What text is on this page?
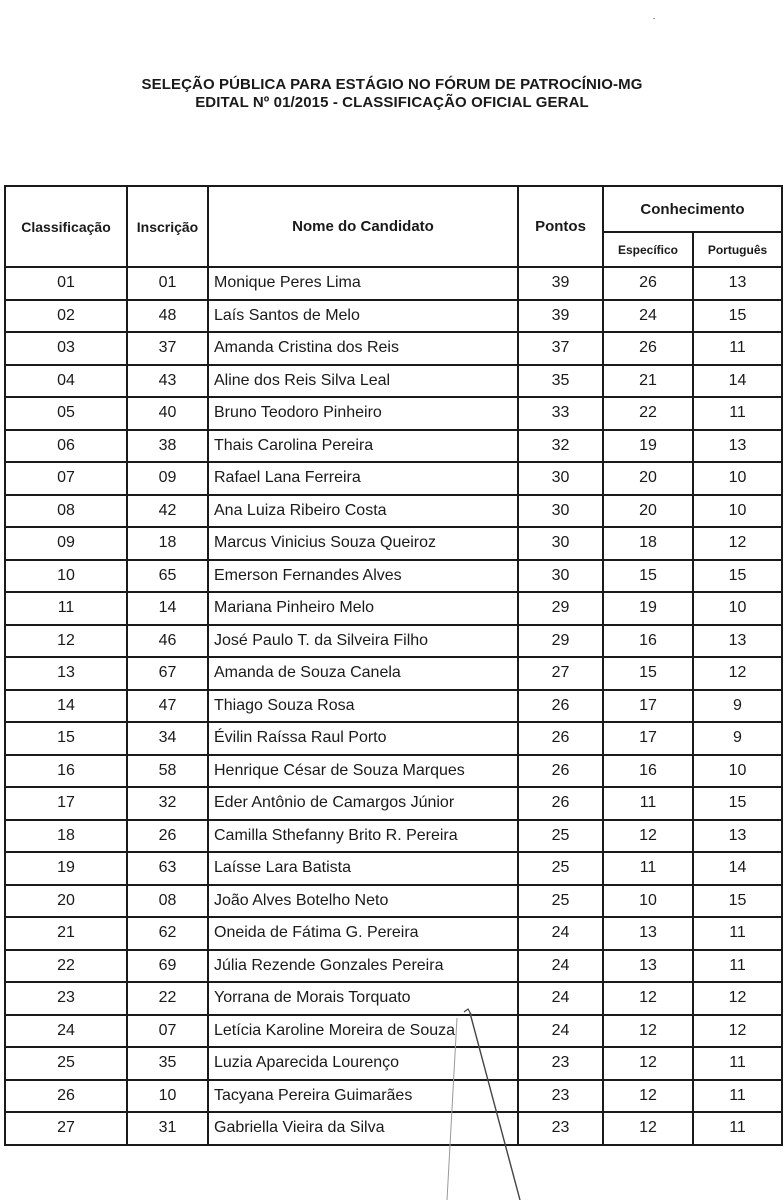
SELEÇÃO PÚBLICA PARA ESTÁGIO NO FÓRUM DE PATROCÍNIO-MG
EDITAL Nº 01/2015 - CLASSIFICAÇÃO OFICIAL GERAL
Classificação	Inscrição	Nome do Candidato	Pontos	Conhecimento	
				Específico	Português
01	01	Monique Peres Lima	39	26	13
02	48	Laís Santos de Melo	39	24	15
03	37	Amanda Cristina dos Reis	37	26	11
04	43	Aline dos Reis Silva Leal	35	21	14
05	40	Bruno Teodoro Pinheiro	33	22	11
06	38	Thais Carolina Pereira	32	19	13
07	09	Rafael Lana Ferreira	30	20	10
08	42	Ana Luiza Ribeiro Costa	30	20	10
09	18	Marcus Vinicius Souza Queiroz	30	18	12
10	65	Emerson Fernandes Alves	30	15	15
11	14	Mariana Pinheiro Melo	29	19	10
12	46	José Paulo T. da Silveira Filho	29	16	13
13	67	Amanda de Souza Canela	27	15	12
14	47	Thiago Souza Rosa	26	17	9
15	34	Évilin Raíssa Raul Porto	26	17	9
16	58	Henrique César de Souza Marques	26	16	10
17	32	Eder Antônio de Camargos Júnior	26	11	15
18	26	Camilla Sthefanny Brito R. Pereira	25	12	13
19	63	Laísse Lara Batista	25	11	14
20	08	João Alves Botelho Neto	25	10	15
21	62	Oneida de Fátima G. Pereira	24	13	11
22	69	Júlia Rezende Gonzales Pereira	24	13	11
23	22	Yorrana de Morais Torquato	24	12	12
24	07	Letícia Karoline Moreira de Souza	24	12	12
25	35	Luzia Aparecida Lourenço	23	12	11
26	10	Tacyana Pereira Guimarães	23	12	11
27	31	Gabriella Vieira da Silva	23	12	11
